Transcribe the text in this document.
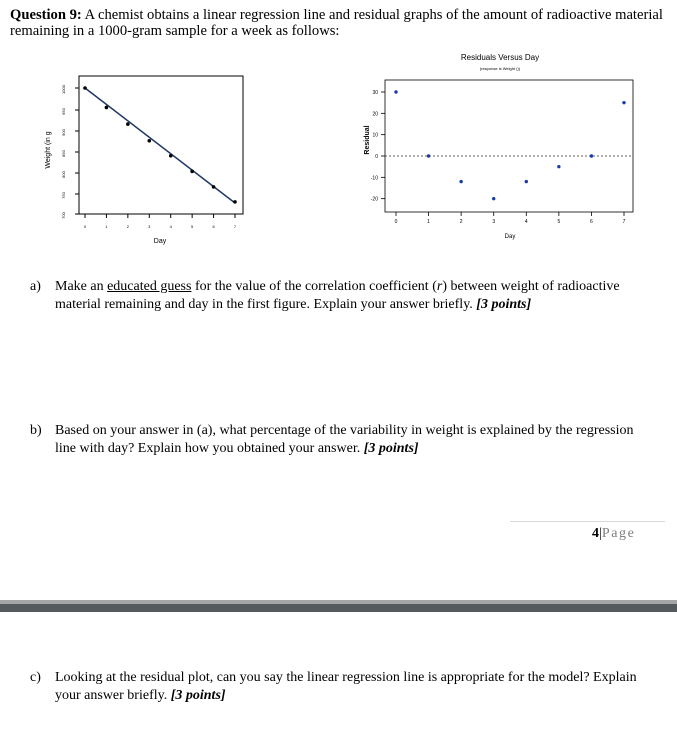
Question 9: A chemist obtains a linear regression line and residual graphs of the amount of radioactive material remaining in a 1000-gram sample for a week as follows:
1000
950
900
850
800
750
700
0	1	2	3	4	5	6	7
Day
Weight (in g
30
20
10
0
-10
-20
0	1	2	3	4	5	6	7
Residuals Versus Day
(response is Weight ())
Day
Residual
a) Make an educated guess for the value of the correlation coefficient (r) between weight of radioactive material remaining and day in the first figure. Explain your answer briefly. [3 points]
b) Based on your answer in (a), what percentage of the variability in weight is explained by the regression line with day? Explain how you obtained your answer. [3 points]
4|Page
c) Looking at the residual plot, can you say the linear regression line is appropriate for the model? Explain your answer briefly. [3 points]
